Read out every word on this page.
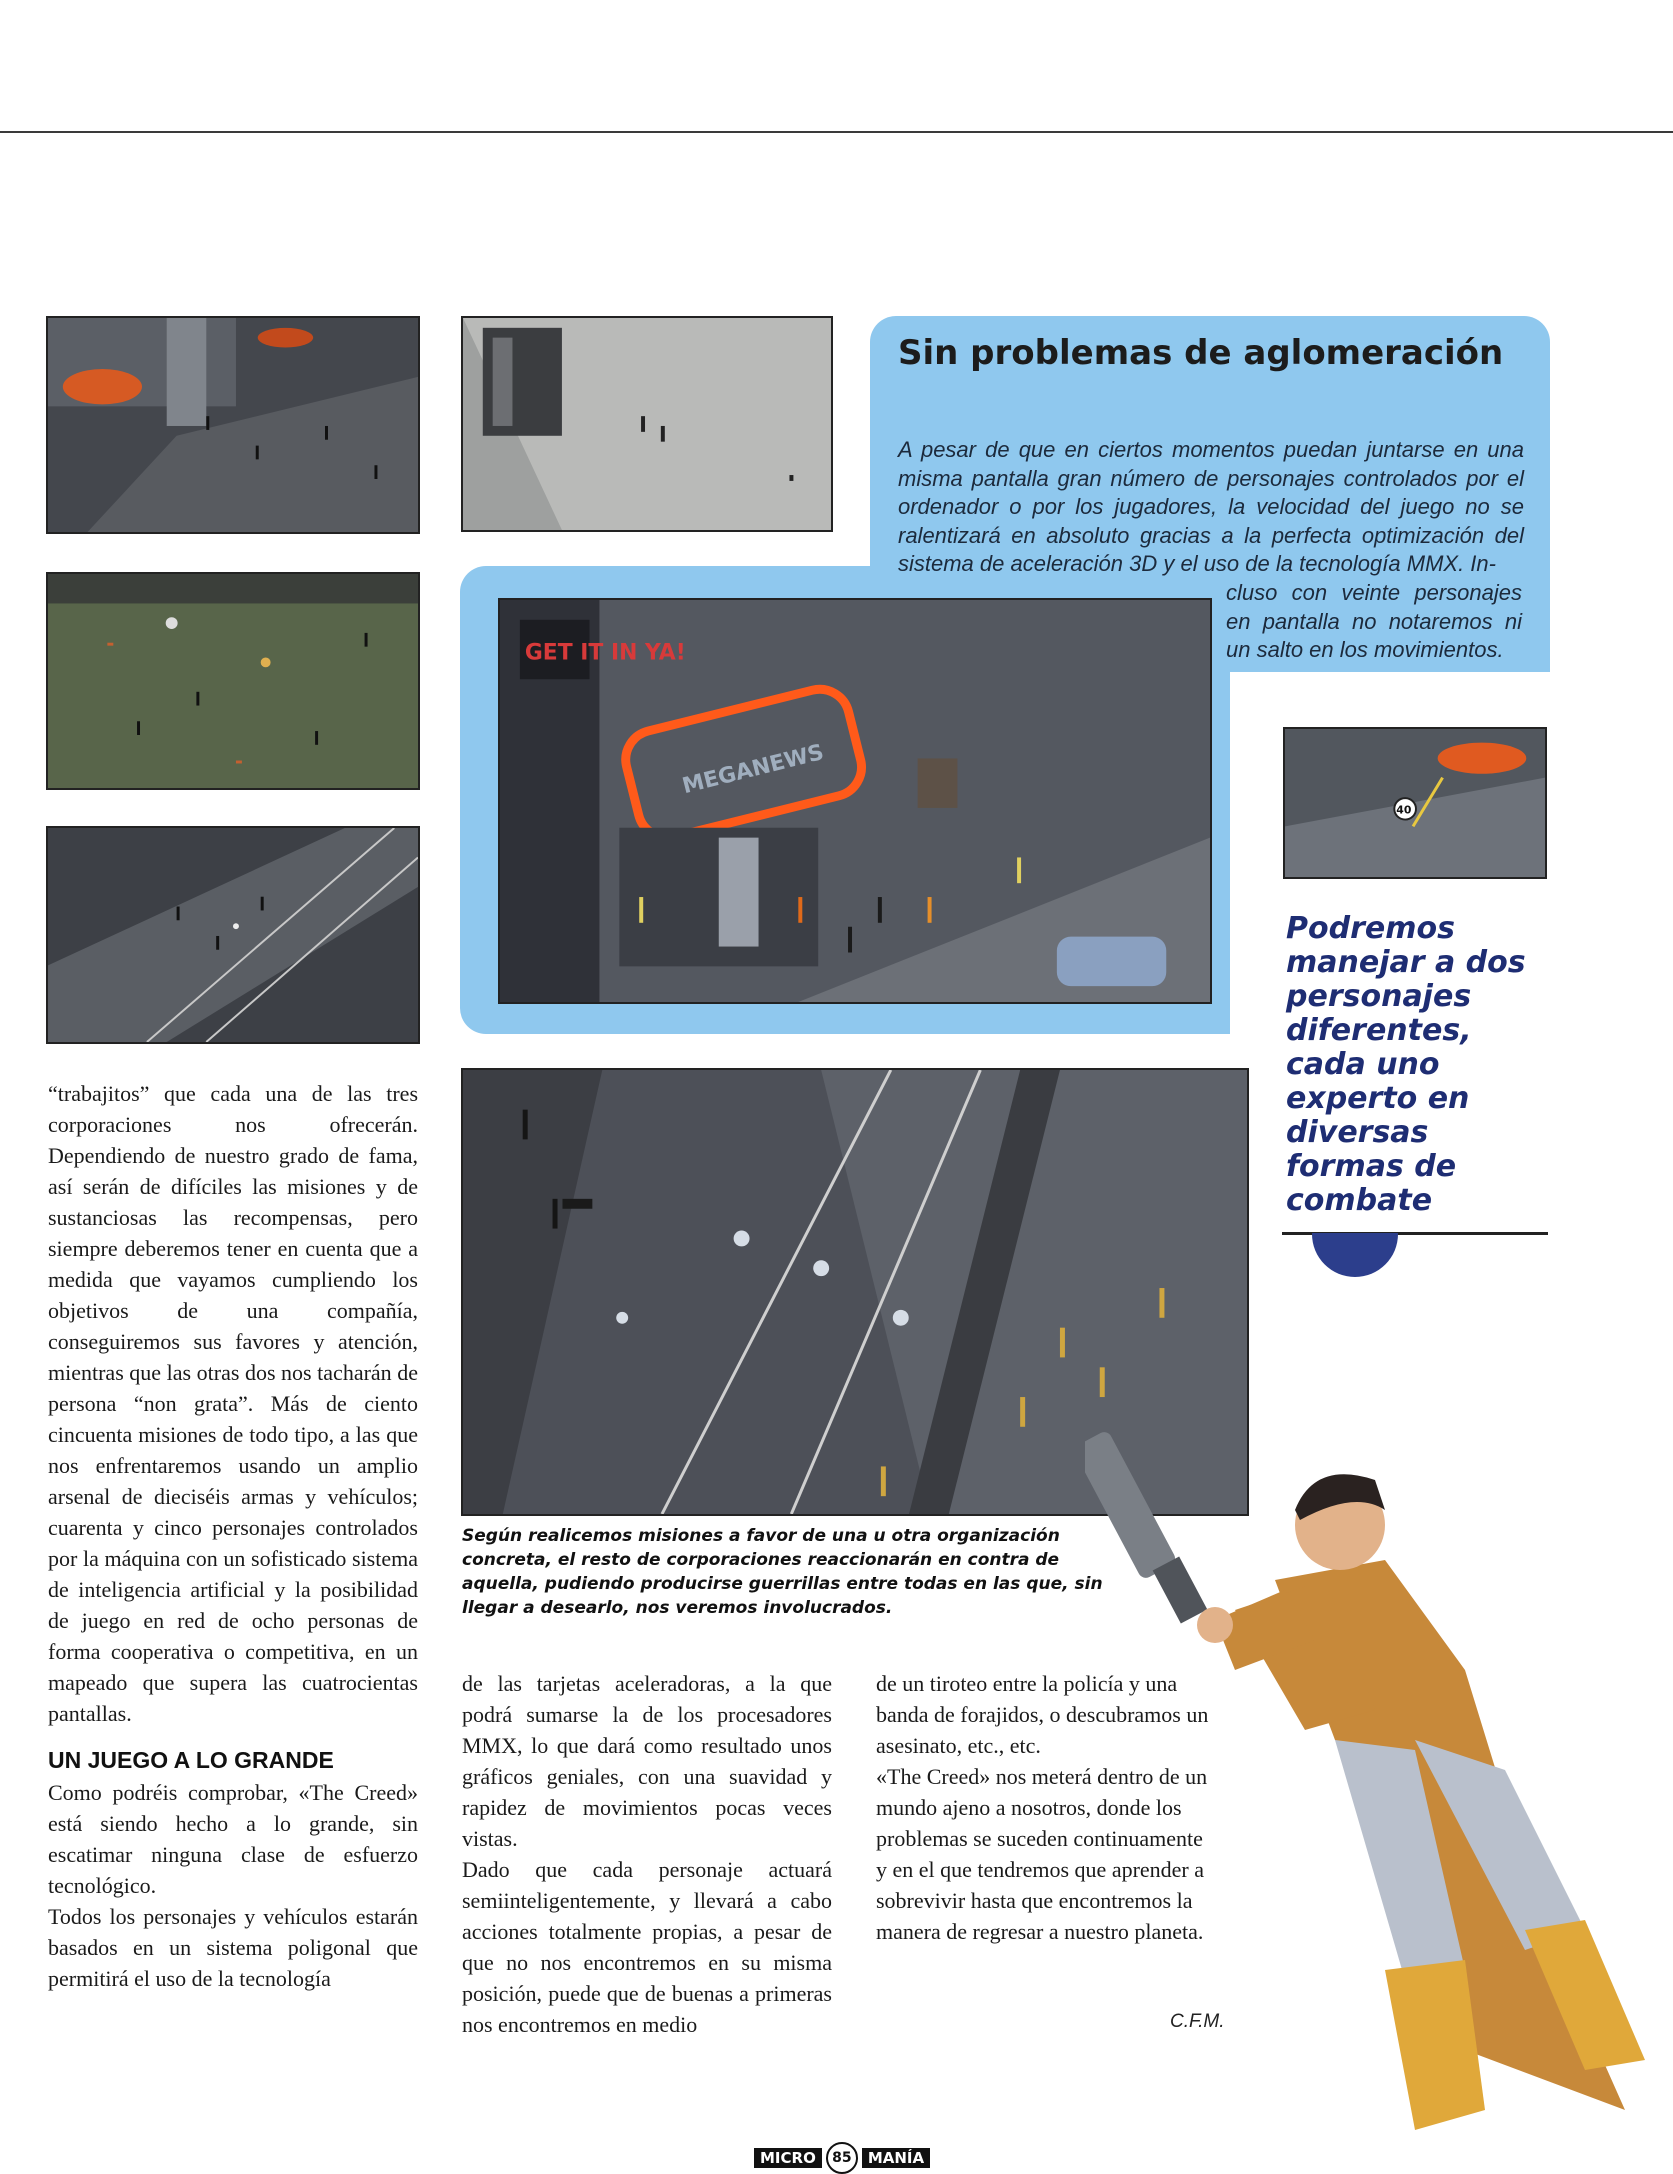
Sin problemas de aglomeración

A pesar de que en ciertos momentos puedan juntarse en una misma pantalla gran número de personajes controlados por el ordenador o por los jugadores, la velocidad del juego no se ralentizará en absoluto gracias a la perfecta optimización del sistema de aceleración 3D y el uso de la tecnología MMX. In-

cluso con veinte personajes en pantalla no notaremos ni un salto en los movimientos.

GET IT IN YA!
MEGANEWS
40

Según realicemos misiones a favor de una u otra organización concreta, el resto de corporaciones reaccionarán en contra de aquella, pudiendo producirse guerrillas entre todas en las que, sin llegar a desearlo, nos veremos involucrados.

Podremos manejar a dos personajes diferentes, cada uno experto en diversas formas de combate

“trabajitos” que cada una de las tres corporaciones nos ofrecerán. Dependiendo de nuestro grado de fama, así serán de difíciles las misiones y de sustanciosas las recompensas, pero siempre deberemos tener en cuenta que a medida que vayamos cumpliendo los objetivos de una compañía, conseguiremos sus favores y atención, mientras que las otras dos nos tacharán de persona “non grata”. Más de ciento cincuenta misiones de todo tipo, a las que nos enfrentaremos usando un amplio arsenal de dieciséis armas y vehículos; cuarenta y cinco personajes controlados por la máquina con un sofisticado sistema de inteligencia artificial y la posibilidad de juego en red de ocho personas de forma cooperativa o competitiva, en un mapeado que supera las cuatrocientas pantallas.

UN JUEGO A LO GRANDE

Como podréis comprobar, «The Creed» está siendo hecho a lo grande, sin escatimar ninguna clase de esfuerzo tecnológico.

Todos los personajes y vehículos estarán basados en un sistema poligonal que permitirá el uso de la tecnología

de las tarjetas aceleradoras, a la que podrá sumarse la de los procesadores MMX, lo que dará como resultado unos gráficos geniales, con una suavidad y rapidez de movimientos pocas veces vistas.

Dado que cada personaje actuará semiinteligentemente, y llevará a cabo acciones totalmente propias, a pesar de que no nos encontremos en su misma posición, puede que de buenas a primeras nos encontremos en medio

de un tiroteo entre la policía y una banda de forajidos, o descubramos un asesinato, etc., etc.

«The Creed» nos meterá dentro de un mundo ajeno a nosotros, donde los problemas se suceden continuamente y en el que tendremos que aprender a sobrevivir hasta que encontremos la manera de regresar a nuestro planeta.

C.F.M.

MICRO	85	MANÍA
